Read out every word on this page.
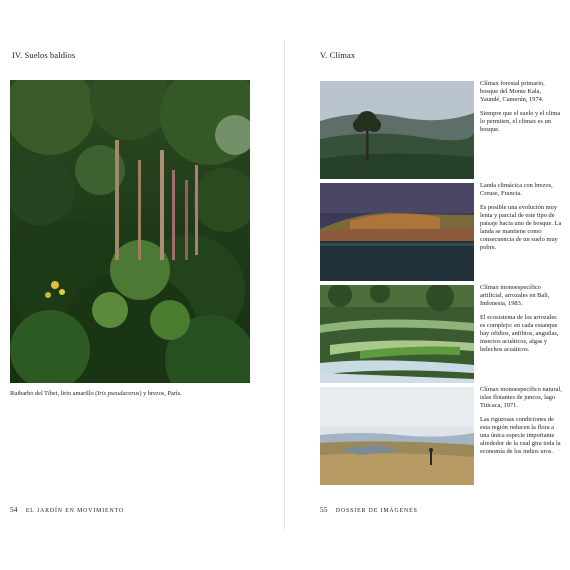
IV. Suelos baldíos
Ruibarbo del Tíbet, lirio amarillo (Iris pseudacorus) y brezos, París.
54 EL JARDÍN EN MOVIMIENTO
V. Clímax

Clímax forestal primario, bosque del Monte Kala, Yaundé, Camerún, 1974.

Siempre que el suelo y el clima lo permiten, el clímax es un bosque.

Landa climácica con brezos, Creuse, Francia.

Es posible una evolución muy lenta y parcial de este tipo de paisaje hacia uno de bosque. La landa se mantiene como consecuencia de un suelo muy pobre.

Clímax monoespecífico artificial, arrozales en Bali, Indonesia, 1983.

El ecosistema de los arrozales es complejo: en cada estanque hay ofidios, anfibios, anguilas, insectos acuáticos, algas y helechos acuáticos.

Clímax monoespecífico natural, islas flotantes de juncos, lago Titicaca, 1971.

Las rigurosas condiciones de esta región reducen la flora a una única especie importante alrededor de la cual gira toda la economía de los indios uros.

55 DOSSIER DE IMÁGENES
